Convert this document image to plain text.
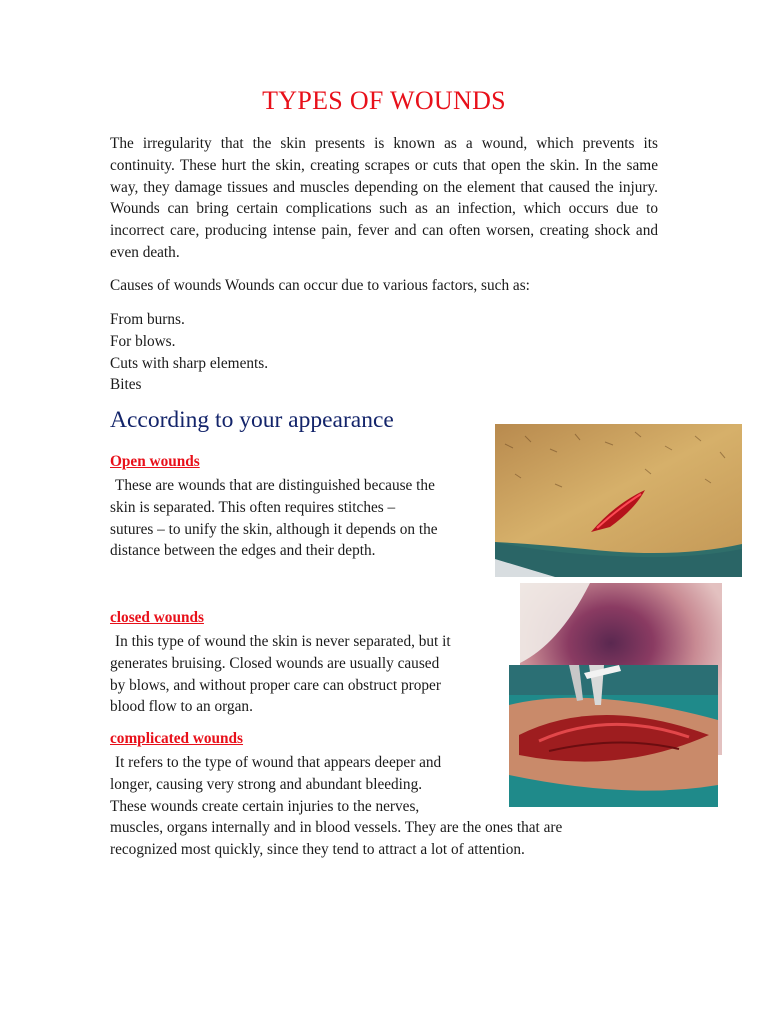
TYPES OF WOUNDS

The irregularity that the skin presents is known as a wound, which prevents its continuity. These hurt the skin, creating scrapes or cuts that open the skin. In the same way, they damage tissues and muscles depending on the element that caused the injury. Wounds can bring certain complications such as an infection, which occurs due to incorrect care, producing intense pain, fever and can often worsen, creating shock and even death.

Causes of wounds Wounds can occur due to various factors, such as:

From burns.
For blows.
Cuts with sharp elements.
Bites
According to your appearance
Open wounds
These are wounds that are distinguished because the
skin is separated. This often requires stitches –
sutures – to unify the skin, although it depends on the
distance between the edges and their depth.
closed wounds
In this type of wound the skin is never separated, but it
generates bruising. Closed wounds are usually caused
by blows, and without proper care can obstruct proper
blood flow to an organ.
complicated wounds
It refers to the type of wound that appears deeper and
longer, causing very strong and abundant bleeding.
These wounds create certain injuries to the nerves,
muscles, organs internally and in blood vessels. They are the ones that are
recognized most quickly, since they tend to attract a lot of attention.
